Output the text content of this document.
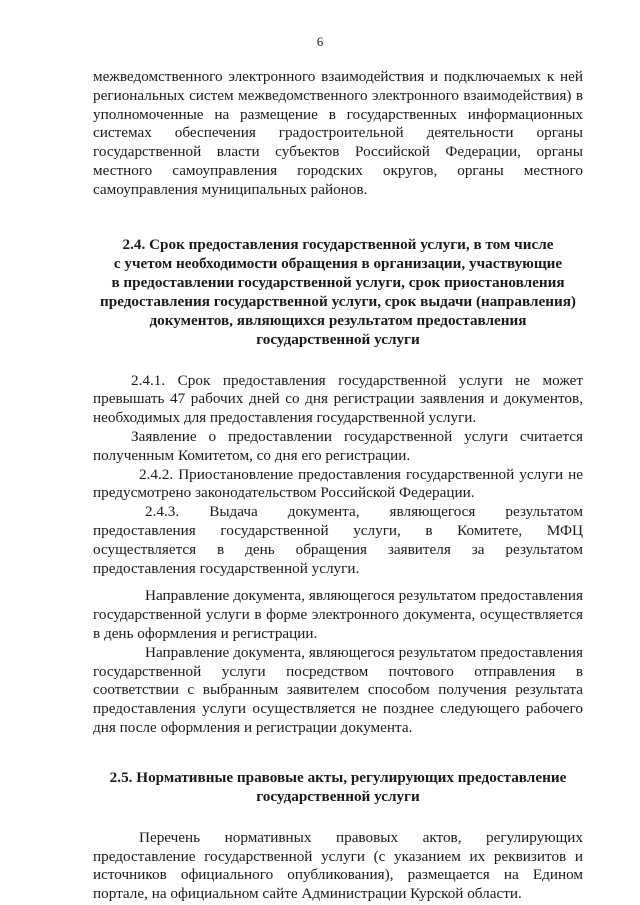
6

межведомственного электронного взаимодействия и подключаемых к ней региональных систем межведомственного электронного взаимодействия) в уполномоченные на размещение в государственных информационных системах обеспечения градостроительной деятельности органы государственной власти субъектов Российской Федерации, органы местного самоуправления городских округов, органы местного самоуправления муниципальных районов.

2.4. Срок предоставления государственной услуги, в том числе
с учетом необходимости обращения в организации, участвующие
в предоставлении государственной услуги, срок приостановления
предоставления государственной услуги, срок выдачи (направления)
документов, являющихся результатом предоставления
государственной услуги

2.4.1. Срок предоставления государственной услуги не может превышать 47 рабочих дней со дня регистрации заявления и документов, необходимых для предоставления государственной услуги.

Заявление о предоставлении государственной услуги считается полученным Комитетом, со дня его регистрации.

2.4.2. Приостановление предоставления государственной услуги не предусмотрено законодательством Российской Федерации.

2.4.3. Выдача документа, являющегося результатом предоставления государственной услуги, в Комитете, МФЦ осуществляется в день обращения заявителя за результатом предоставления государственной услуги.

Направление документа, являющегося результатом предоставления государственной услуги в форме электронного документа, осуществляется в день оформления и регистрации.

Направление документа, являющегося результатом предоставления государственной услуги посредством почтового отправления в соответствии с выбранным заявителем способом получения результата предоставления услуги осуществляется не позднее следующего рабочего дня после оформления и регистрации документа.

2.5. Нормативные правовые акты, регулирующих предоставление
государственной услуги

Перечень нормативных правовых актов, регулирующих предоставление государственной услуги (с указанием их реквизитов и источников официального опубликования), размещается на Едином портале, на официальном сайте Администрации Курской области.
